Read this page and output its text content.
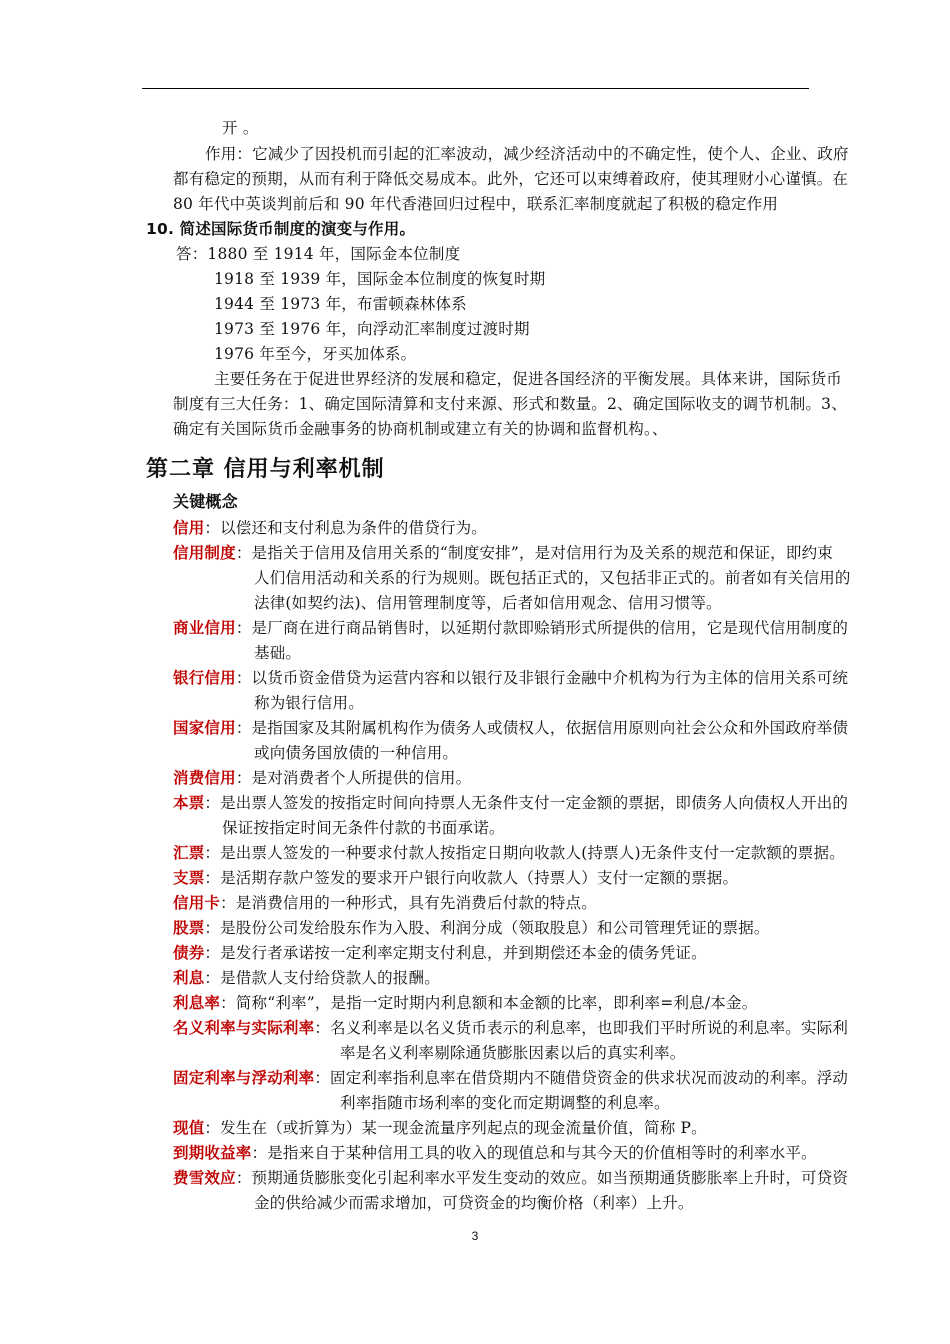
开 。
作用：它减少了因投机而引起的汇率波动，减少经济活动中的不确定性，使个人、企业、政府
都有稳定的预期，从而有利于降低交易成本。此外，它还可以束缚着政府，使其理财小心谨慎。在
80 年代中英谈判前后和 90 年代香港回归过程中，联系汇率制度就起了积极的稳定作用
10. 简述国际货币制度的演变与作用。
答：1880 至 1914 年，国际金本位制度
1918 至 1939 年，国际金本位制度的恢复时期
1944 至 1973 年，布雷顿森林体系
1973 至 1976 年，向浮动汇率制度过渡时期
1976 年至今，牙买加体系。
主要任务在于促进世界经济的发展和稳定，促进各国经济的平衡发展。具体来讲，国际货币
制度有三大任务：1、确定国际清算和支付来源、形式和数量。2、确定国际收支的调节机制。3、
确定有关国际货币金融事务的协商机制或建立有关的协调和监督机构。、
第二章 信用与利率机制
关键概念
信用：以偿还和支付利息为条件的借贷行为。
信用制度：是指关于信用及信用关系的“制度安排”，是对信用行为及关系的规范和保证，即约束
人们信用活动和关系的行为规则。既包括正式的，又包括非正式的。前者如有关信用的
法律(如契约法)、信用管理制度等，后者如信用观念、信用习惯等。
商业信用：是厂商在进行商品销售时，以延期付款即赊销形式所提供的信用，它是现代信用制度的
基础。
银行信用：以货币资金借贷为运营内容和以银行及非银行金融中介机构为行为主体的信用关系可统
称为银行信用。
国家信用：是指国家及其附属机构作为债务人或债权人，依据信用原则向社会公众和外国政府举债
或向债务国放债的一种信用。
消费信用：是对消费者个人所提供的信用。
本票：是出票人签发的按指定时间向持票人无条件支付一定金额的票据，即债务人向债权人开出的
保证按指定时间无条件付款的书面承诺。
汇票：是出票人签发的一种要求付款人按指定日期向收款人(持票人)无条件支付一定款额的票据。
支票：是活期存款户签发的要求开户银行向收款人（持票人）支付一定额的票据。
信用卡：是消费信用的一种形式，具有先消费后付款的特点。
股票：是股份公司发给股东作为入股、利润分成（领取股息）和公司管理凭证的票据。
债券：是发行者承诺按一定利率定期支付利息，并到期偿还本金的债务凭证。
利息：是借款人支付给贷款人的报酬。
利息率：简称“利率”，是指一定时期内利息额和本金额的比率，即利率=利息/本金。
名义利率与实际利率：名义利率是以名义货币表示的利息率，也即我们平时所说的利息率。实际利
率是名义利率剔除通货膨胀因素以后的真实利率。
固定利率与浮动利率：固定利率指利息率在借贷期内不随借贷资金的供求状况而波动的利率。浮动
利率指随市场利率的变化而定期调整的利息率。
现值：发生在（或折算为）某一现金流量序列起点的现金流量价值，简称 P。
到期收益率：是指来自于某种信用工具的收入的现值总和与其今天的价值相等时的利率水平。
费雪效应：预期通货膨胀变化引起利率水平发生变动的效应。如当预期通货膨胀率上升时，可贷资
金的供给减少而需求增加，可贷资金的均衡价格（利率）上升。
3
